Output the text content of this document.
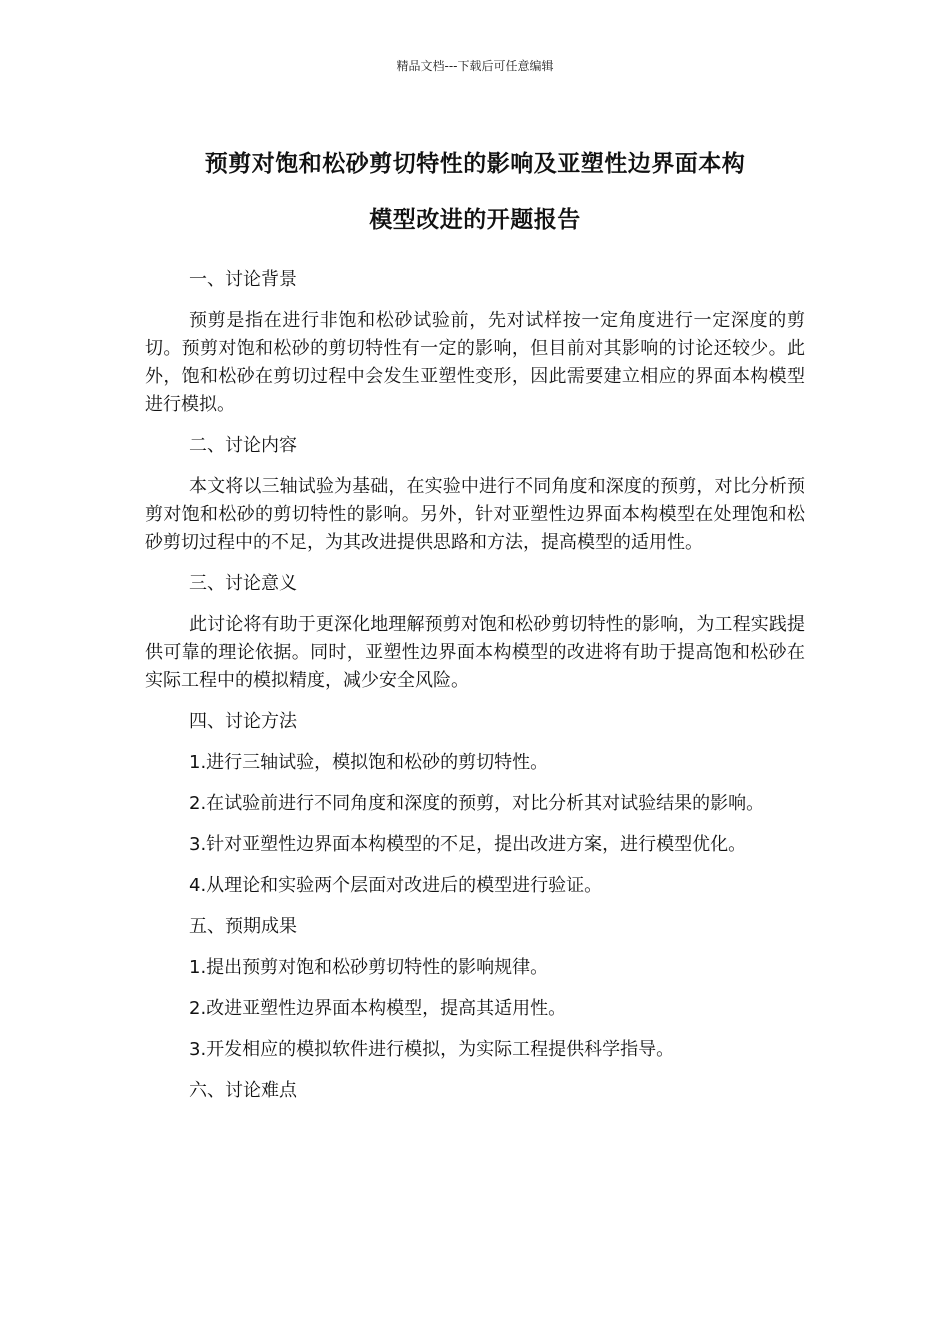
精品文档---下载后可任意编辑
预剪对饱和松砂剪切特性的影响及亚塑性边界面本构
模型改进的开题报告

一、讨论背景

预剪是指在进行非饱和松砂试验前，先对试样按一定角度进行一定深度的剪切。预剪对饱和松砂的剪切特性有一定的影响，但目前对其影响的讨论还较少。此外，饱和松砂在剪切过程中会发生亚塑性变形，因此需要建立相应的界面本构模型进行模拟。

二、讨论内容

本文将以三轴试验为基础，在实验中进行不同角度和深度的预剪，对比分析预剪对饱和松砂的剪切特性的影响。另外，针对亚塑性边界面本构模型在处理饱和松砂剪切过程中的不足，为其改进提供思路和方法，提高模型的适用性。

三、讨论意义

此讨论将有助于更深化地理解预剪对饱和松砂剪切特性的影响，为工程实践提供可靠的理论依据。同时，亚塑性边界面本构模型的改进将有助于提高饱和松砂在实际工程中的模拟精度，减少安全风险。

四、讨论方法

1.进行三轴试验，模拟饱和松砂的剪切特性。

2.在试验前进行不同角度和深度的预剪，对比分析其对试验结果的影响。

3.针对亚塑性边界面本构模型的不足，提出改进方案，进行模型优化。

4.从理论和实验两个层面对改进后的模型进行验证。

五、预期成果

1.提出预剪对饱和松砂剪切特性的影响规律。

2.改进亚塑性边界面本构模型，提高其适用性。

3.开发相应的模拟软件进行模拟，为实际工程提供科学指导。

六、讨论难点
